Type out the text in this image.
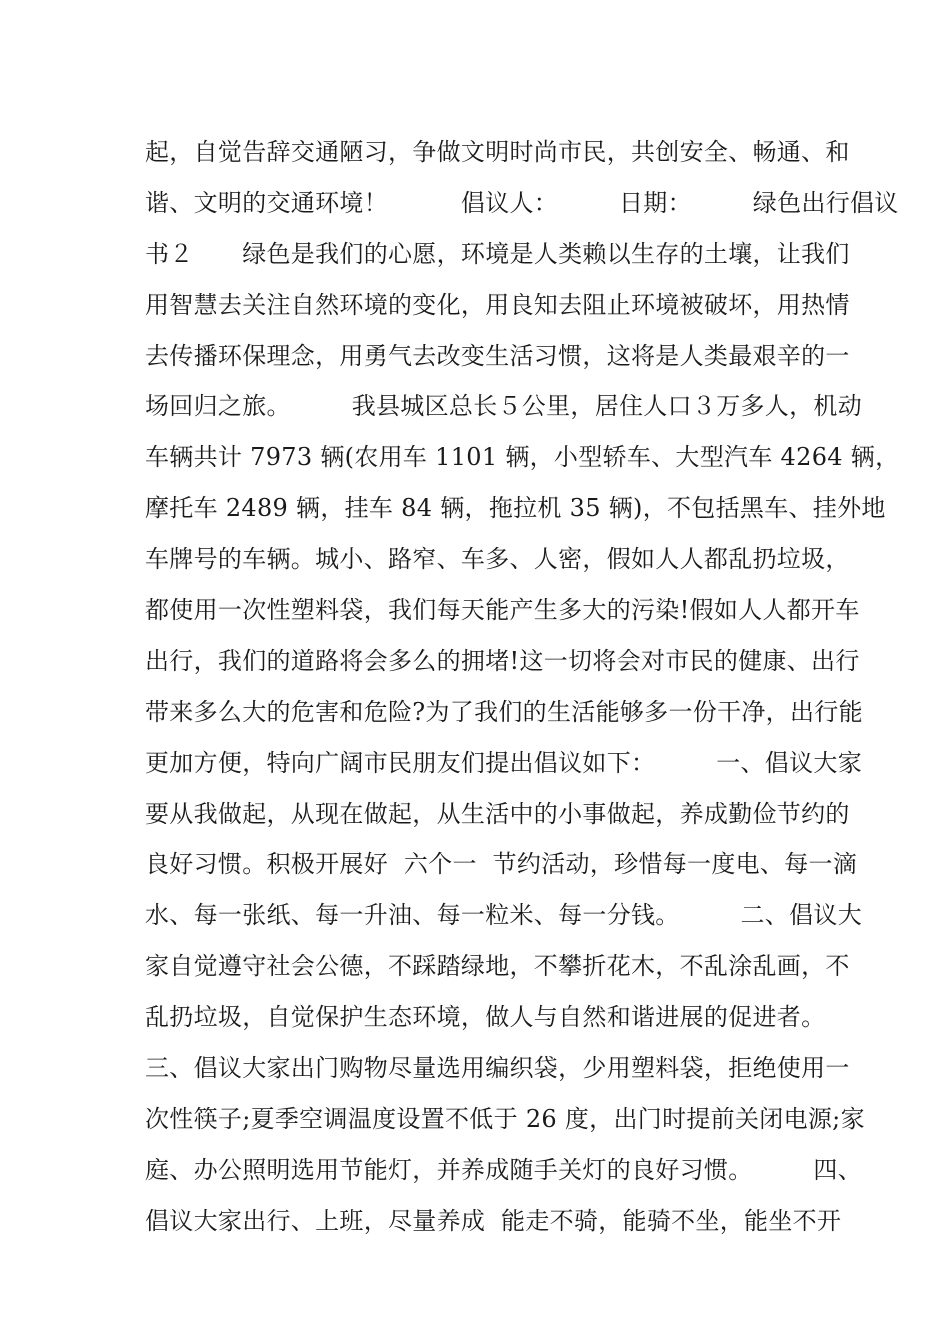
起，自觉告辞交通陋习，争做文明时尚市民，共创安全、畅通、和
谐、文明的交通环境！　　　倡议人：　　　日期：　　　绿色出行倡议
书２　　绿色是我们的心愿，环境是人类赖以生存的土壤，让我们
用智慧去关注自然环境的变化，用良知去阻止环境被破坏，用热情
去传播环保理念，用勇气去改变生活习惯，这将是人类最艰辛的一
场回归之旅。　　　我县城区总长５公里，居住人口３万多人，机动
车辆共计 7973 辆(农用车 1101 辆，小型轿车、大型汽车 4264 辆，
摩托车 2489 辆，挂车 84 辆，拖拉机 35 辆)，不包括黑车、挂外地
车牌号的车辆。城小、路窄、车多、人密，假如人人都乱扔垃圾，
都使用一次性塑料袋，我们每天能产生多大的污染!假如人人都开车
出行，我们的道路将会多么的拥堵!这一切将会对市民的健康、出行
带来多么大的危害和危险?为了我们的生活能够多一份干净，出行能
更加方便，特向广阔市民朋友们提出倡议如下：　　　一、倡议大家
要从我做起，从现在做起，从生活中的小事做起，养成勤俭节约的
良好习惯。积极开展好  六个一  节约活动，珍惜每一度电、每一滴
水、每一张纸、每一升油、每一粒米、每一分钱。　　　二、倡议大
家自觉遵守社会公德，不踩踏绿地，不攀折花木，不乱涂乱画，不
乱扔垃圾，自觉保护生态环境，做人与自然和谐进展的促进者。
三、倡议大家出门购物尽量选用编织袋，少用塑料袋，拒绝使用一
次性筷子;夏季空调温度设置不低于 26 度，出门时提前关闭电源;家
庭、办公照明选用节能灯，并养成随手关灯的良好习惯。　　　四、
倡议大家出行、上班，尽量养成  能走不骑，能骑不坐，能坐不开
